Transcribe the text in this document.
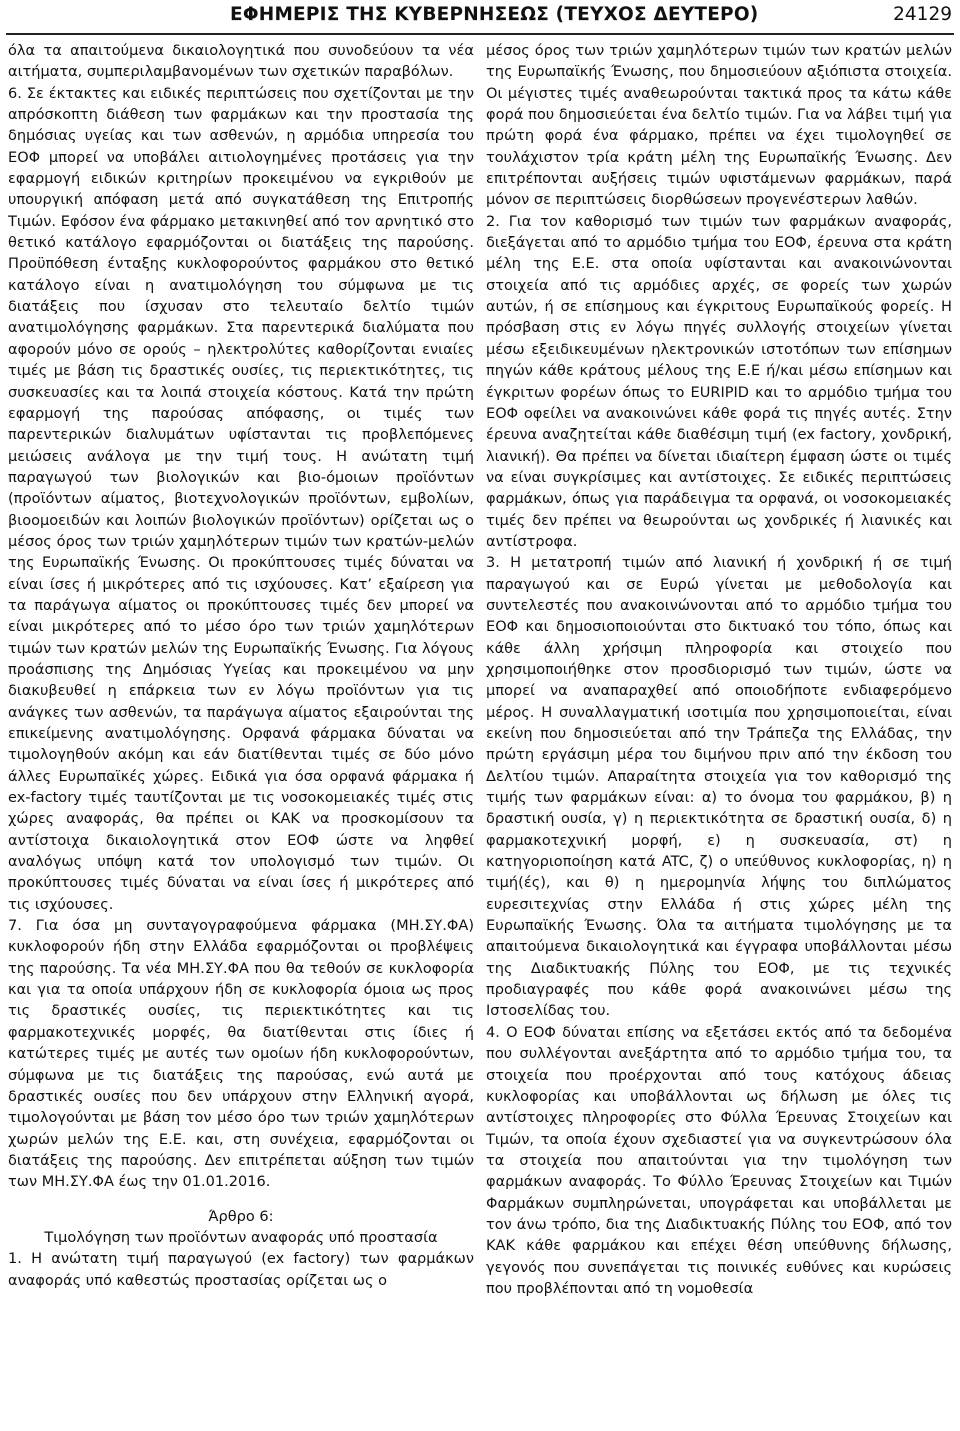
ΕΦΗΜΕΡΙΣ ΤΗΣ ΚΥΒΕΡΝΗΣΕΩΣ (ΤΕΥΧΟΣ ΔΕΥΤΕΡΟ)	24129

όλα τα απαιτούμενα δικαιολογητικά που συνοδεύουν τα νέα αιτήματα, συμπεριλαμβανομένων των σχετικών παραβόλων.

6. Σε έκτακτες και ειδικές περιπτώσεις που σχετίζονται με την απρόσκοπτη διάθεση των φαρμάκων και την προστασία της δημόσιας υγείας και των ασθενών, η αρμόδια υπηρεσία του ΕΟΦ μπορεί να υποβάλει αιτιολογημένες προτάσεις για την εφαρμογή ειδικών κριτηρίων προκειμένου να εγκριθούν με υπουργική απόφαση μετά από συγκατάθεση της Επιτροπής Τιμών. Εφόσον ένα φάρμακο μετακινηθεί από τον αρνητικό στο θετικό κατάλογο εφαρμόζονται οι διατάξεις της παρούσης. Προϋπόθεση ένταξης κυκλοφορούντος φαρμάκου στο θετικό κατάλογο είναι η ανατιμολόγηση του σύμφωνα με τις διατάξεις που ίσχυσαν στο τελευταίο δελτίο τιμών ανατιμολόγησης φαρμάκων. Στα παρεντερικά διαλύματα που αφορούν μόνο σε ορούς – ηλεκτρολύτες καθορίζονται ενιαίες τιμές με βάση τις δραστικές ουσίες, τις περιεκτικότητες, τις συσκευασίες και τα λοιπά στοιχεία κόστους. Κατά την πρώτη εφαρμογή της παρούσας απόφασης, οι τιμές των παρεντερικών διαλυμάτων υφίστανται τις προβλεπόμενες μειώσεις ανάλογα με την τιμή τους. Η ανώτατη τιμή παραγωγού των βιολογικών και βιο-όμοιων προϊόντων (προϊόντων αίματος, βιοτεχνολογικών προϊόντων, εμβολίων, βιοομοειδών και λοιπών βιολογικών προϊόντων) ορίζεται ως ο μέσος όρος των τριών χαμηλότερων τιμών των κρατών-μελών της Ευρωπαϊκής Ένωσης. Οι προκύπτουσες τιμές δύναται να είναι ίσες ή μικρότερες από τις ισχύουσες. Κατ’ εξαίρεση για τα παράγωγα αίματος οι προκύπτουσες τιμές δεν μπορεί να είναι μικρότερες από το μέσο όρο των τριών χαμηλότερων τιμών των κρατών μελών της Ευρωπαϊκής Ένωσης. Για λόγους προάσπισης της Δημόσιας Υγείας και προκειμένου να μην διακυβευθεί η επάρκεια των εν λόγω προϊόντων για τις ανάγκες των ασθενών, τα παράγωγα αίματος εξαιρούνται της επικείμενης ανατιμολόγησης. Ορφανά φάρμακα δύναται να τιμολογηθούν ακόμη και εάν διατίθενται τιμές σε δύο μόνο άλλες Ευρωπαϊκές χώρες. Ειδικά για όσα ορφανά φάρμακα ή ex-factory τιμές ταυτίζονται με τις νοσοκομειακές τιμές στις χώρες αναφοράς, θα πρέπει οι ΚΑΚ να προσκομίσουν τα αντίστοιχα δικαιολογητικά στον ΕΟΦ ώστε να ληφθεί αναλόγως υπόψη κατά τον υπολογισμό των τιμών. Οι προκύπτουσες τιμές δύναται να είναι ίσες ή μικρότερες από τις ισχύουσες.

7. Για όσα μη συνταγογραφούμενα φάρμακα (ΜΗ.ΣΥ.ΦΑ) κυκλοφορούν ήδη στην Ελλάδα εφαρμόζονται οι προβλέψεις της παρούσης. Τα νέα ΜΗ.ΣΥ.ΦΑ που θα τεθούν σε κυκλοφορία και για τα οποία υπάρχουν ήδη σε κυκλοφορία όμοια ως προς τις δραστικές ουσίες, τις περιεκτικότητες και τις φαρμακοτεχνικές μορφές, θα διατίθενται στις ίδιες ή κατώτερες τιμές με αυτές των ομοίων ήδη κυκλοφορούντων, σύμφωνα με τις διατάξεις της παρούσας, ενώ αυτά με δραστικές ουσίες που δεν υπάρχουν στην Ελληνική αγορά, τιμολογούνται με βάση τον μέσο όρο των τριών χαμηλότερων χωρών μελών της Ε.Ε. και, στη συνέχεια, εφαρμόζονται οι διατάξεις της παρούσης. Δεν επιτρέπεται αύξηση των τιμών των ΜΗ.ΣΥ.ΦΑ έως την 01.01.2016.

Άρθρο 6:

Τιμολόγηση των προϊόντων αναφοράς υπό προστασία

1. Η ανώτατη τιμή παραγωγού (ex factory) των φαρμάκων αναφοράς υπό καθεστώς προστασίας ορίζεται ως ο

μέσος όρος των τριών χαμηλότερων τιμών των κρατών μελών της Ευρωπαϊκής Ένωσης, που δημοσιεύουν αξιόπιστα στοιχεία. Οι μέγιστες τιμές αναθεωρούνται τακτικά προς τα κάτω κάθε φορά που δημοσιεύεται ένα δελτίο τιμών. Για να λάβει τιμή για πρώτη φορά ένα φάρμακο, πρέπει να έχει τιμολογηθεί σε τουλάχιστον τρία κράτη μέλη της Ευρωπαϊκής Ένωσης. Δεν επιτρέπονται αυξήσεις τιμών υφιστάμενων φαρμάκων, παρά μόνον σε περιπτώσεις διορθώσεων προγενέστερων λαθών.

2. Για τον καθορισμό των τιμών των φαρμάκων αναφοράς, διεξάγεται από το αρμόδιο τμήμα του ΕΟΦ, έρευνα στα κράτη μέλη της Ε.Ε. στα οποία υφίστανται και ανακοινώνονται στοιχεία από τις αρμόδιες αρχές, σε φορείς των χωρών αυτών, ή σε επίσημους και έγκριτους Ευρωπαϊκούς φορείς. Η πρόσβαση στις εν λόγω πηγές συλλογής στοιχείων γίνεται μέσω εξειδικευμένων ηλεκτρονικών ιστοτόπων των επίσημων πηγών κάθε κράτους μέλους της Ε.Ε ή/και μέσω επίσημων και έγκριτων φορέων όπως το EURIPID και το αρμόδιο τμήμα του ΕΟΦ οφείλει να ανακοινώνει κάθε φορά τις πηγές αυτές. Στην έρευνα αναζητείται κάθε διαθέσιμη τιμή (ex factory, χονδρική, λιανική). Θα πρέπει να δίνεται ιδιαίτερη έμφαση ώστε οι τιμές να είναι συγκρίσιμες και αντίστοιχες. Σε ειδικές περιπτώσεις φαρμάκων, όπως για παράδειγμα τα ορφανά, οι νοσοκομειακές τιμές δεν πρέπει να θεωρούνται ως χονδρικές ή λιανικές και αντίστροφα.

3. Η μετατροπή τιμών από λιανική ή χονδρική ή σε τιμή παραγωγού και σε Ευρώ γίνεται με μεθοδολογία και συντελεστές που ανακοινώνονται από το αρμόδιο τμήμα του ΕΟΦ και δημοσιοποιούνται στο δικτυακό του τόπο, όπως και κάθε άλλη χρήσιμη πληροφορία και στοιχείο που χρησιμοποιήθηκε στον προσδιορισμό των τιμών, ώστε να μπορεί να αναπαραχθεί από οποιοδήποτε ενδιαφερόμενο μέρος. Η συναλλαγματική ισοτιμία που χρησιμοποιείται, είναι εκείνη που δημοσιεύεται από την Τράπεζα της Ελλάδας, την πρώτη εργάσιμη μέρα του διμήνου πριν από την έκδοση του Δελτίου τιμών. Απαραίτητα στοιχεία για τον καθορισμό της τιμής των φαρμάκων είναι: α) το όνομα του φαρμάκου, β) η δραστική ουσία, γ) η περιεκτικότητα σε δραστική ουσία, δ) η φαρμακοτεχνική μορφή, ε) η συσκευασία, στ) η κατηγοριοποίηση κατά ATC, ζ) ο υπεύθυνος κυκλοφορίας, η) η τιμή(ές), και θ) η ημερομηνία λήψης του διπλώματος ευρεσιτεχνίας στην Ελλάδα ή στις χώρες μέλη της Ευρωπαϊκής Ένωσης. Όλα τα αιτήματα τιμολόγησης με τα απαιτούμενα δικαιολογητικά και έγγραφα υποβάλλονται μέσω της Διαδικτυακής Πύλης του ΕΟΦ, με τις τεχνικές προδιαγραφές που κάθε φορά ανακοινώνει μέσω της Ιστοσελίδας του.

4. Ο ΕΟΦ δύναται επίσης να εξετάσει εκτός από τα δεδομένα που συλλέγονται ανεξάρτητα από το αρμόδιο τμήμα του, τα στοιχεία που προέρχονται από τους κατόχους άδειας κυκλοφορίας και υποβάλλονται ως δήλωση με όλες τις αντίστοιχες πληροφορίες στο Φύλλα Έρευνας Στοιχείων και Τιμών, τα οποία έχουν σχεδιαστεί για να συγκεντρώσουν όλα τα στοιχεία που απαιτούνται για την τιμολόγηση των φαρμάκων αναφοράς. Το Φύλλο Έρευνας Στοιχείων και Τιμών Φαρμάκων συμπληρώνεται, υπογράφεται και υποβάλλεται με τον άνω τρόπο, δια της Διαδικτυακής Πύλης του ΕΟΦ, από τον ΚΑΚ κάθε φαρμάκου και επέχει θέση υπεύθυνης δήλωσης, γεγονός που συνεπάγεται τις ποινικές ευθύνες και κυρώσεις που προβλέπονται από τη νομοθεσία
